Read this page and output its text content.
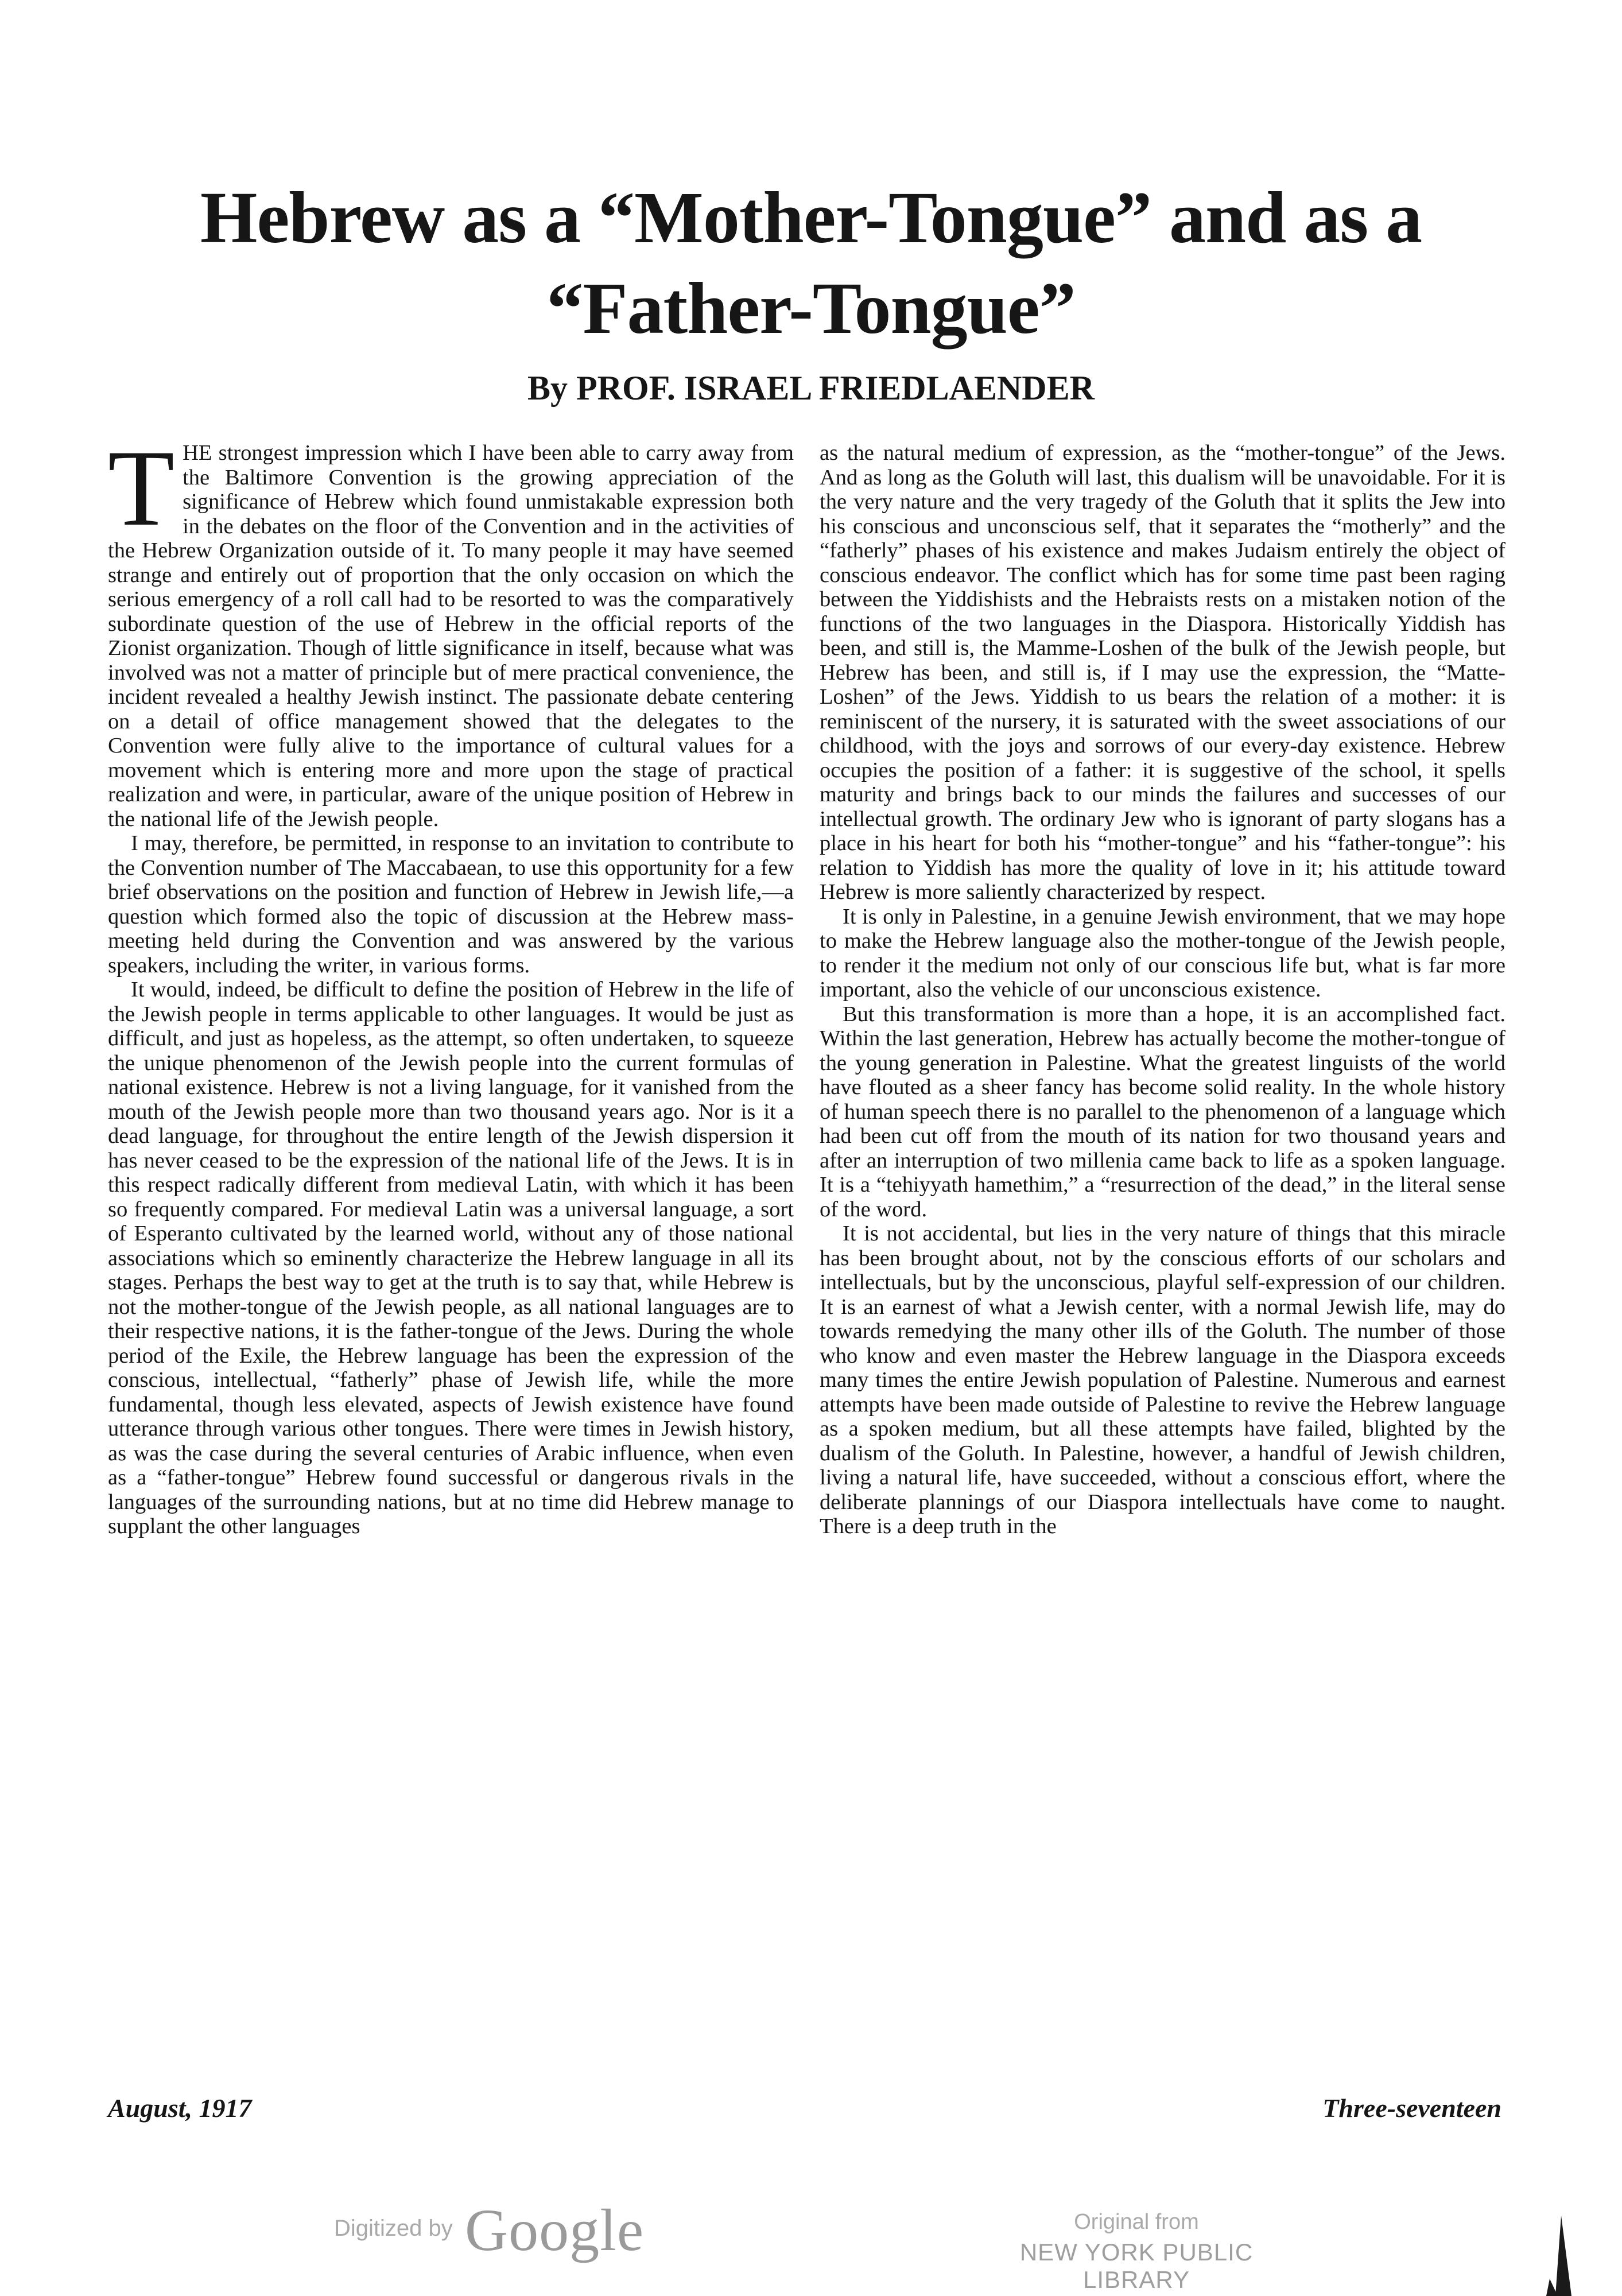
Hebrew as a “Mother-Tongue” and as a “Father-Tongue”

By PROF. ISRAEL FRIEDLAENDER

THE strongest impression which I have been able to carry away from the Baltimore Convention is the growing appreciation of the significance of Hebrew which found unmistakable expression both in the debates on the floor of the Convention and in the activities of the Hebrew Organization outside of it. To many people it may have seemed strange and entirely out of proportion that the only occasion on which the serious emergency of a roll call had to be resorted to was the comparatively subordinate question of the use of Hebrew in the official reports of the Zionist organization. Though of little significance in itself, because what was involved was not a matter of principle but of mere practical convenience, the incident revealed a healthy Jewish instinct. The passionate debate centering on a detail of office management showed that the delegates to the Convention were fully alive to the importance of cultural values for a movement which is entering more and more upon the stage of practical realization and were, in particular, aware of the unique position of Hebrew in the national life of the Jewish people.

I may, therefore, be permitted, in response to an invitation to contribute to the Convention number of The Maccabaean, to use this opportunity for a few brief observations on the position and function of Hebrew in Jewish life,—a question which formed also the topic of discussion at the Hebrew mass-meeting held during the Convention and was answered by the various speakers, including the writer, in various forms.

It would, indeed, be difficult to define the position of Hebrew in the life of the Jewish people in terms applicable to other languages. It would be just as difficult, and just as hopeless, as the attempt, so often undertaken, to squeeze the unique phenomenon of the Jewish people into the current formulas of national existence. Hebrew is not a living language, for it vanished from the mouth of the Jewish people more than two thousand years ago. Nor is it a dead language, for throughout the entire length of the Jewish dispersion it has never ceased to be the expression of the national life of the Jews. It is in this respect radically different from medieval Latin, with which it has been so frequently compared. For medieval Latin was a universal language, a sort of Esperanto cultivated by the learned world, without any of those national associations which so eminently characterize the Hebrew language in all its stages. Perhaps the best way to get at the truth is to say that, while Hebrew is not the mother-tongue of the Jewish people, as all national languages are to their respective nations, it is the father-tongue of the Jews. During the whole period of the Exile, the Hebrew language has been the expression of the conscious, intellectual, “fatherly” phase of Jewish life, while the more fundamental, though less elevated, aspects of Jewish existence have found utterance through various other tongues. There were times in Jewish history, as was the case during the several centuries of Arabic influence, when even as a “father-tongue” Hebrew found successful or dangerous rivals in the languages of the surrounding nations, but at no time did Hebrew manage to supplant the other languages

as the natural medium of expression, as the “mother-tongue” of the Jews. And as long as the Goluth will last, this dualism will be unavoidable. For it is the very nature and the very tragedy of the Goluth that it splits the Jew into his conscious and unconscious self, that it separates the “motherly” and the “fatherly” phases of his existence and makes Judaism entirely the object of conscious endeavor. The conflict which has for some time past been raging between the Yiddishists and the Hebraists rests on a mistaken notion of the functions of the two languages in the Diaspora. Historically Yiddish has been, and still is, the Mamme-Loshen of the bulk of the Jewish people, but Hebrew has been, and still is, if I may use the expression, the “Matte-Loshen” of the Jews. Yiddish to us bears the relation of a mother: it is reminiscent of the nursery, it is saturated with the sweet associations of our childhood, with the joys and sorrows of our every-day existence. Hebrew occupies the position of a father: it is suggestive of the school, it spells maturity and brings back to our minds the failures and successes of our intellectual growth. The ordinary Jew who is ignorant of party slogans has a place in his heart for both his “mother-tongue” and his “father-tongue”: his relation to Yiddish has more the quality of love in it; his attitude toward Hebrew is more saliently characterized by respect.

It is only in Palestine, in a genuine Jewish environment, that we may hope to make the Hebrew language also the mother-tongue of the Jewish people, to render it the medium not only of our conscious life but, what is far more important, also the vehicle of our unconscious existence.

But this transformation is more than a hope, it is an accomplished fact. Within the last generation, Hebrew has actually become the mother-tongue of the young generation in Palestine. What the greatest linguists of the world have flouted as a sheer fancy has become solid reality. In the whole history of human speech there is no parallel to the phenomenon of a language which had been cut off from the mouth of its nation for two thousand years and after an interruption of two millenia came back to life as a spoken language. It is a “tehiyyath hamethim,” a “resurrection of the dead,” in the literal sense of the word.

It is not accidental, but lies in the very nature of things that this miracle has been brought about, not by the conscious efforts of our scholars and intellectuals, but by the unconscious, playful self-expression of our children. It is an earnest of what a Jewish center, with a normal Jewish life, may do towards remedying the many other ills of the Goluth. The number of those who know and even master the Hebrew language in the Diaspora exceeds many times the entire Jewish population of Palestine. Numerous and earnest attempts have been made outside of Palestine to revive the Hebrew language as a spoken medium, but all these attempts have failed, blighted by the dualism of the Goluth. In Palestine, however, a handful of Jewish children, living a natural life, have succeeded, without a conscious effort, where the deliberate plannings of our Diaspora intellectuals have come to naught. There is a deep truth in the

August, 1917	Three-seventeen

Digitized by Google	Original from
NEW YORK PUBLIC LIBRARY
